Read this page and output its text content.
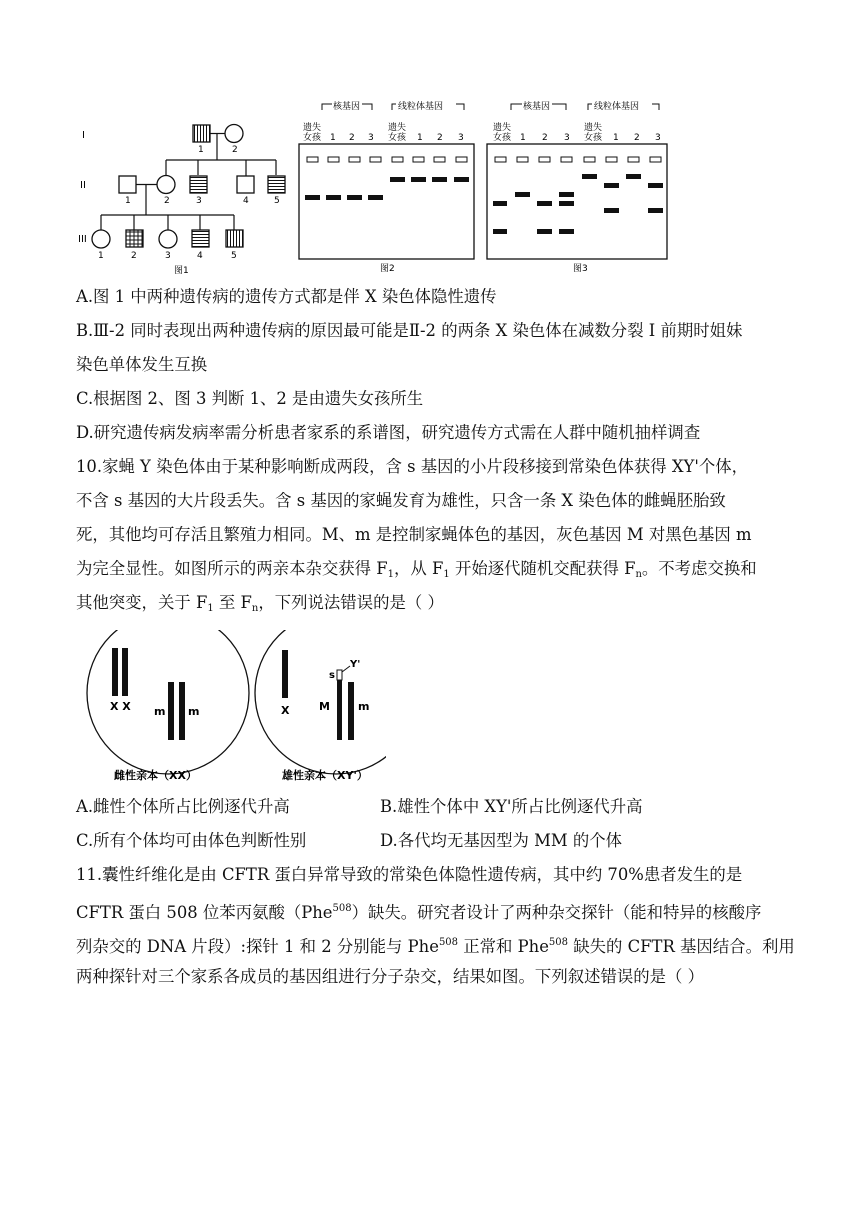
I
II
III
1	2
1	2	3	4	5
1	2	3	4	5
图1
核基因	线粒体基因
遗失
女孩 1 2 3
遗失
女孩 1 2 3
图2
核基因	线粒体基因
遗失
女孩 1 2 3
遗失
女孩 1 2 3
图3
A.图 1 中两种遗传病的遗传方式都是伴 X 染色体隐性遗传
B.Ⅲ-2 同时表现出两种遗传病的原因最可能是Ⅱ-2 的两条 X 染色体在减数分裂 I 前期时姐妹
染色单体发生互换
C.根据图 2、图 3 判断 1、2 是由遗失女孩所生
D.研究遗传病发病率需分析患者家系的系谱图，研究遗传方式需在人群中随机抽样调查
10.家蝇 Y 染色体由于某种影响断成两段，含 s 基因的小片段移接到常染色体获得 XY'个体，
不含 s 基因的大片段丢失。含 s 基因的家蝇发育为雄性，只含一条 X 染色体的雌蝇胚胎致
死，其他均可存活且繁殖力相同。M、m 是控制家蝇体色的基因，灰色基因 M 对黑色基因 m
为完全显性。如图所示的两亲本杂交获得 $F_1$，从 $F_1$ 开始逐代随机交配获得 $F_n$。不考虑交换和
其他突变，关于 $F_1$ 至 $F_n$，下列说法错误的是（ ）
X X m m
雌性亲本（XX）
X
s
Y'
M	m
雄性亲本（XY'）
A.雌性个体所占比例逐代升高	B.雄性个体中 XY'所占比例逐代升高
C.所有个体均可由体色判断性别	D.各代均无基因型为 MM 的个体
11.囊性纤维化是由 CFTR 蛋白异常导致的常染色体隐性遗传病，其中约 70%患者发生的是
CFTR 蛋白 508 位苯丙氨酸（Phe$^{508}$）缺失。研究者设计了两种杂交探针（能和特异的核酸序
列杂交的 DNA 片段）:探针 1 和 2 分别能与 Phe$^{508}$ 正常和 Phe$^{508}$ 缺失的 CFTR 基因结合。利用
两种探针对三个家系各成员的基因组进行分子杂交，结果如图。下列叙述错误的是（ ）
